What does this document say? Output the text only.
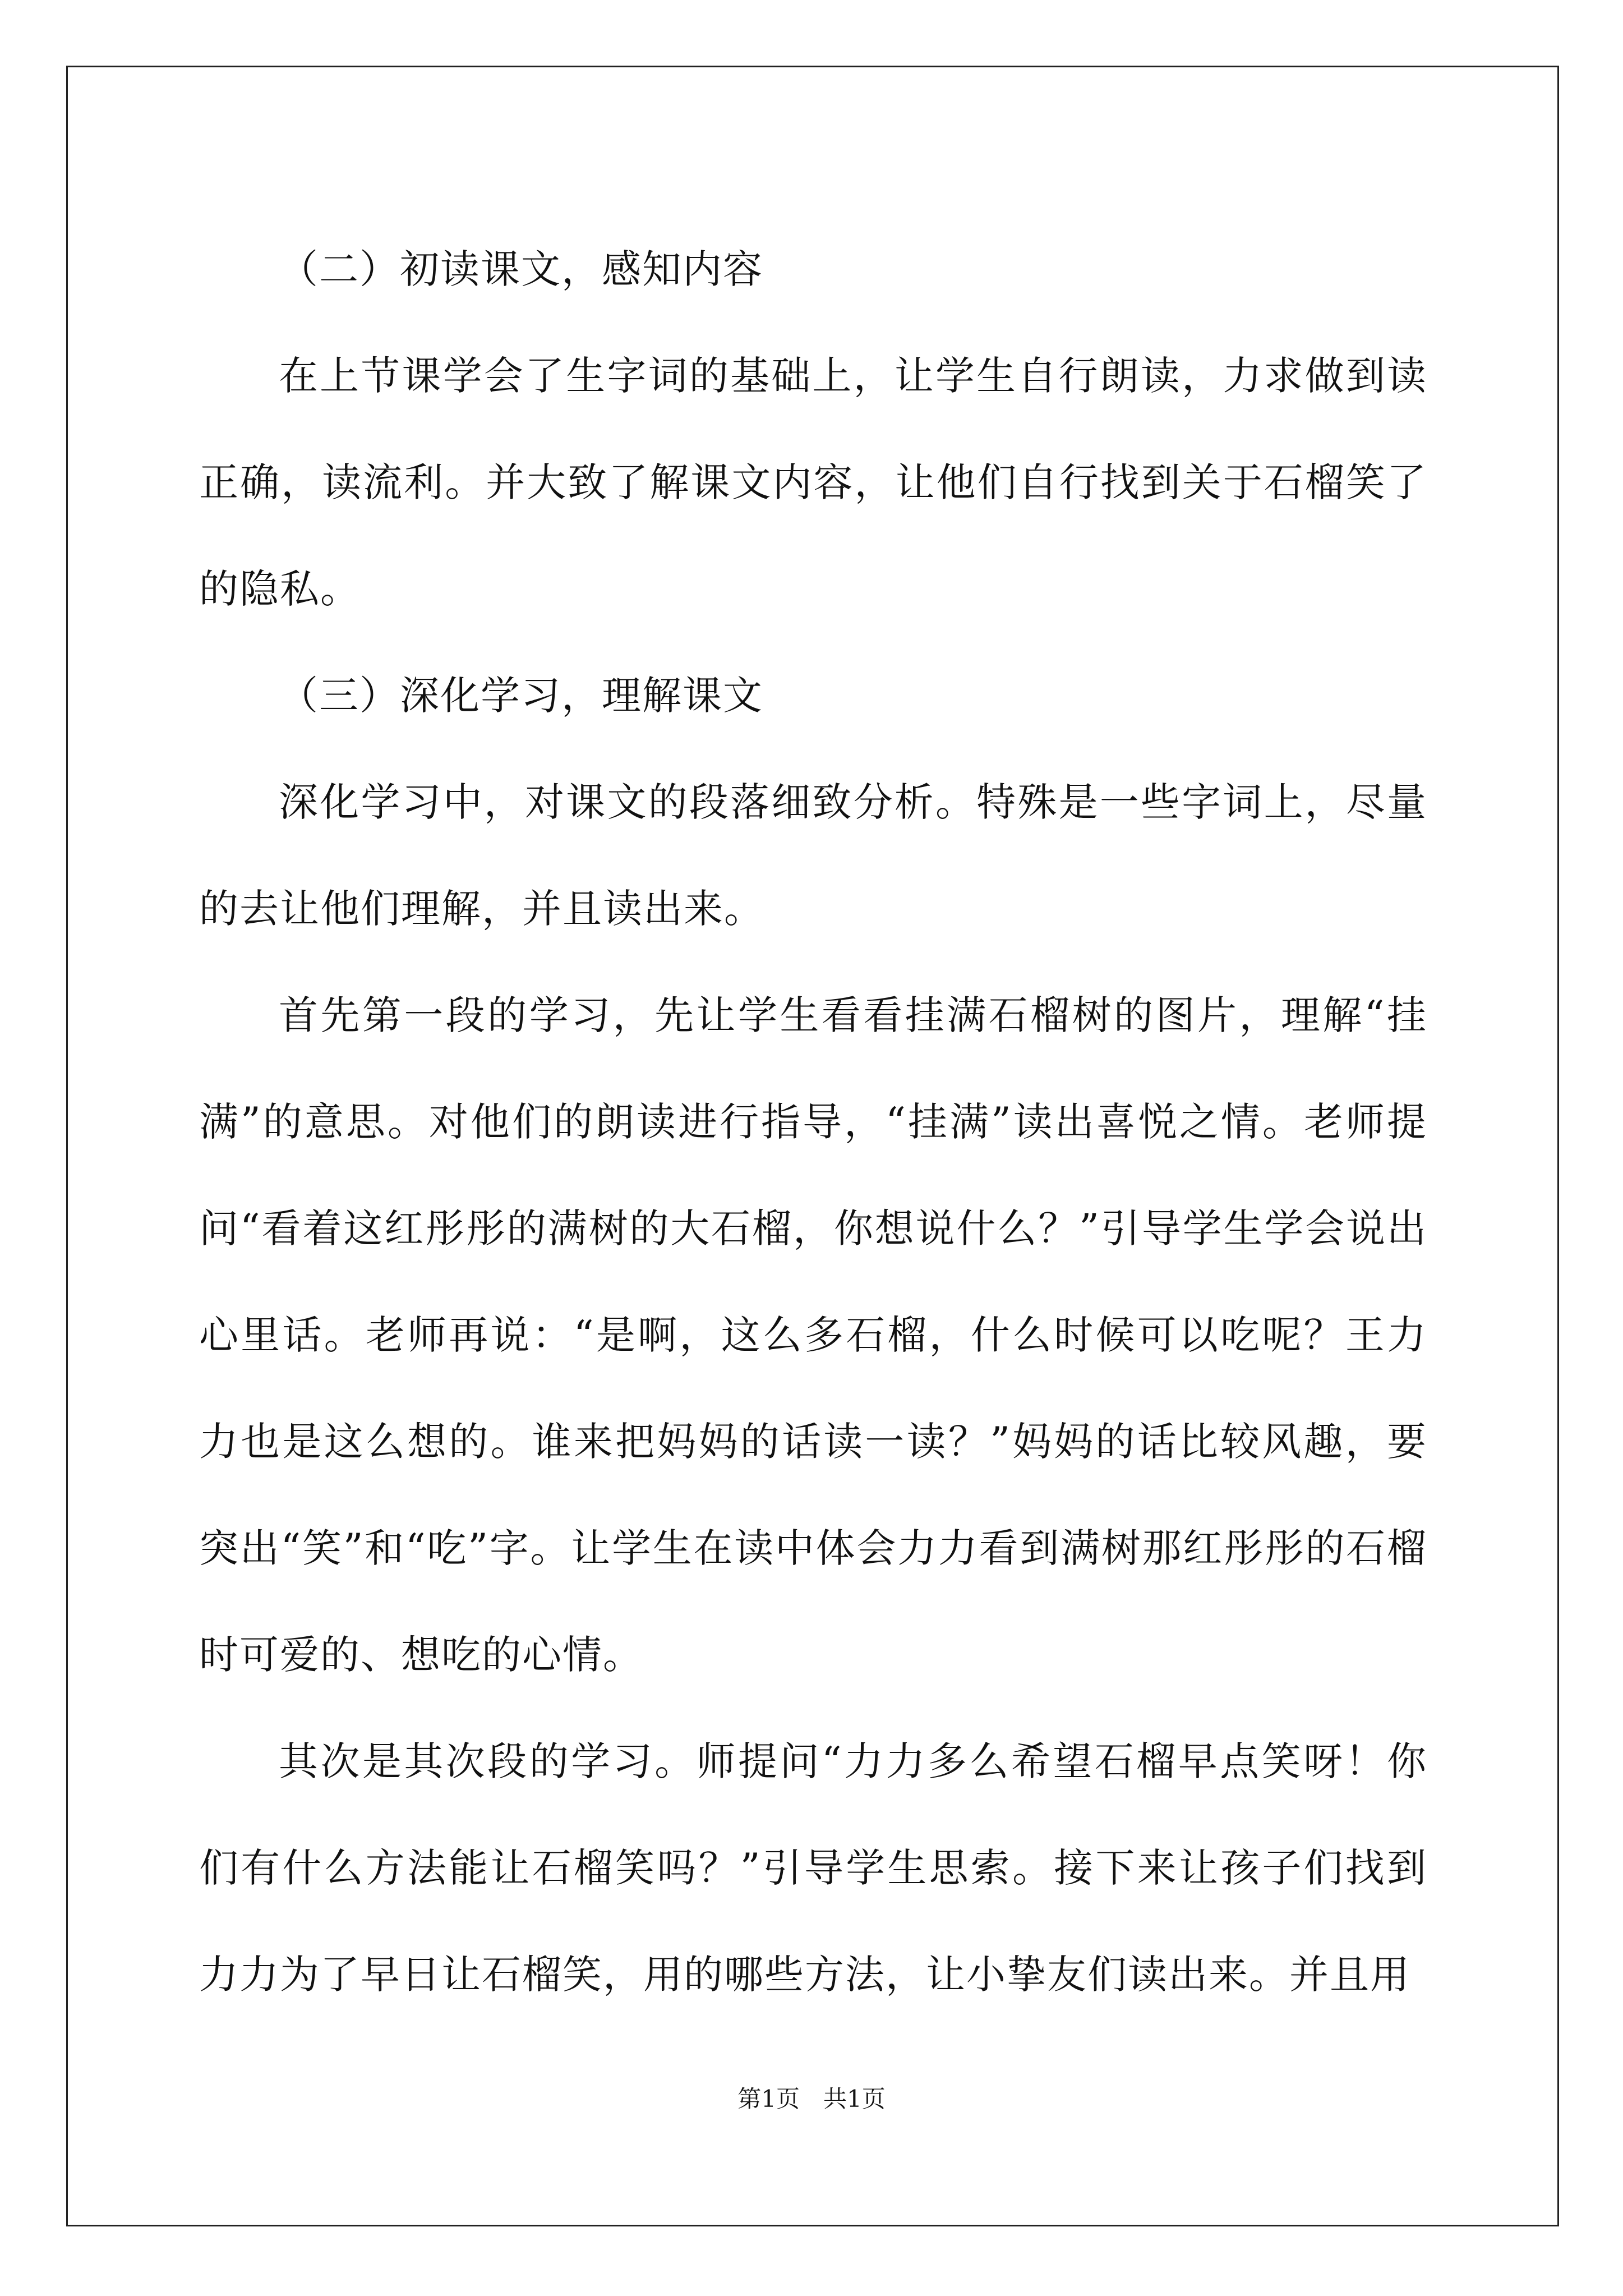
（二）初读课文，感知内容

在上节课学会了生字词的基础上，让学生自行朗读，力求做到读正确，读流利。并大致了解课文内容，让他们自行找到关于石榴笑了的隐私。

（三）深化学习，理解课文

深化学习中，对课文的段落细致分析。特殊是一些字词上，尽量的去让他们理解，并且读出来。

首先第一段的学习，先让学生看看挂满石榴树的图片，理解“挂满”的意思。对他们的朗读进行指导，“挂满”读出喜悦之情。老师提问“看着这红彤彤的满树的大石榴，你想说什么？”引导学生学会说出心里话。老师再说：“是啊，这么多石榴，什么时候可以吃呢？王力力也是这么想的。谁来把妈妈的话读一读？”妈妈的话比较风趣，要突出“笑”和“吃”字。让学生在读中体会力力看到满树那红彤彤的石榴时可爱的、想吃的心情。

其次是其次段的学习。师提问“力力多么希望石榴早点笑呀！你们有什么方法能让石榴笑吗？”引导学生思索。接下来让孩子们找到力力为了早日让石榴笑，用的哪些方法，让小挚友们读出来。并且用

第1页　共1页
